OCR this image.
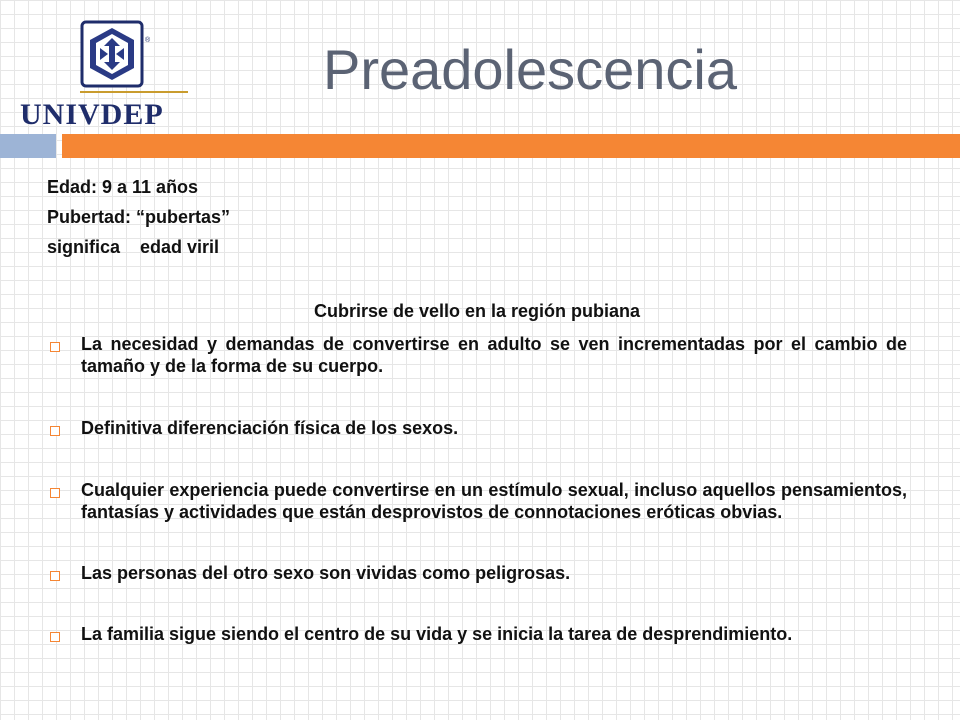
®
UNIVDEP
Preadolescencia
Edad: 9 a 11 años
Pubertad: “pubertas”
significa    edad viril
Cubrirse de vello en la región pubiana
La necesidad y demandas de convertirse en adulto se ven incrementadas por el cambio de tamaño y de la forma de su cuerpo.
Definitiva diferenciación física de los sexos.
Cualquier experiencia puede convertirse en un estímulo sexual, incluso aquellos pensamientos, fantasías y actividades que están desprovistos de connotaciones eróticas obvias.
Las personas del otro sexo son vividas como peligrosas.
La familia sigue siendo el centro de su vida y se inicia la tarea de desprendimiento.
